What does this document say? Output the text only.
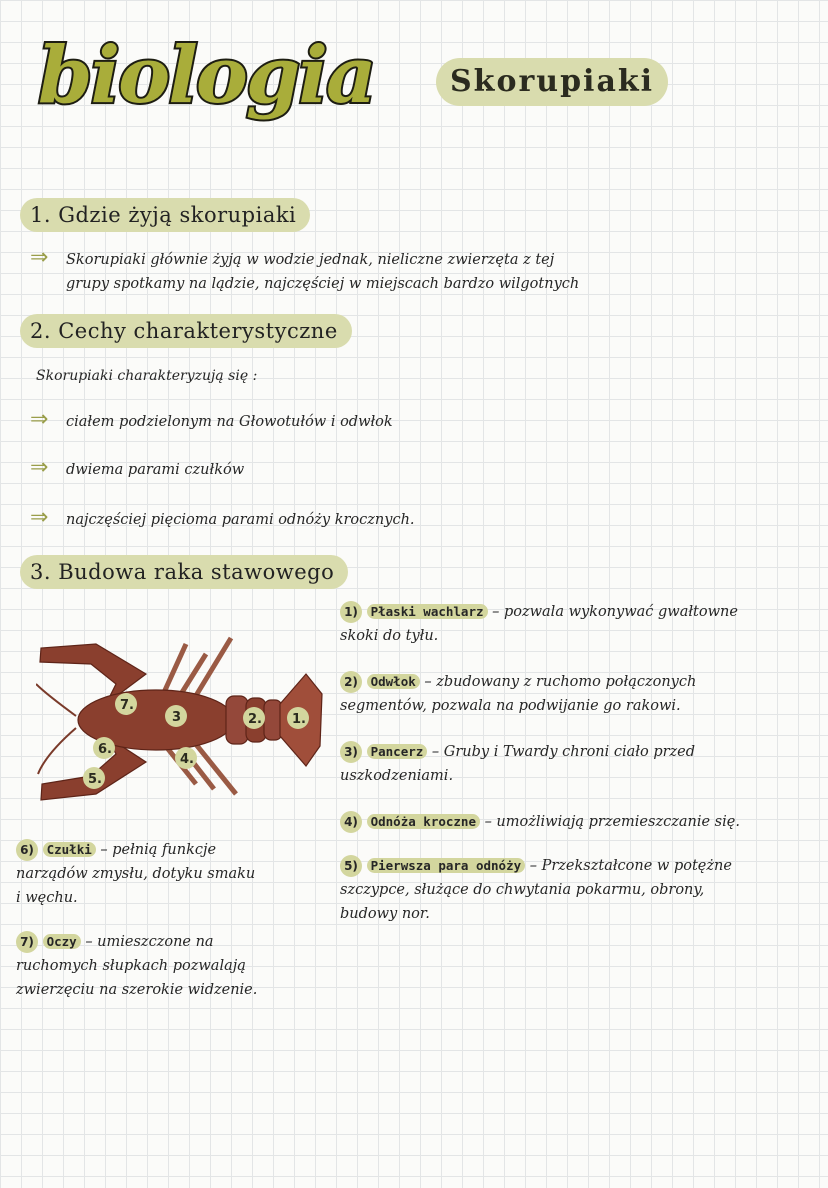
biologia	Skorupiaki
1. Gdzie żyją skorupiaki
⇒ Skorupiaki głównie żyją w wodzie jednak, nieliczne zwierzęta z tej
grupy spotkamy na lądzie, najczęściej w miejscach bardzo wilgotnych
2. Cechy charakterystyczne
Skorupiaki charakteryzują się :
⇒ ciałem podzielonym na Głowotułów i odwłok
⇒ dwiema parami czułków
⇒ najczęściej pięcioma parami odnóży krocznych.
3. Budowa raka stawowego
1.
2.
3
4.
5.
6.
7.
1) Płaski wachlarz – pozwala wykonywać gwałtowne
skoki do tyłu.
2) Odwłok – zbudowany z ruchomo połączonych
segmentów, pozwala na podwijanie go rakowi.
3) Pancerz – Gruby i Twardy chroni ciało przed
uszkodzeniami.
4) Odnóża kroczne – umożliwiają przemieszczanie się.
5) Pierwsza para odnóży – Przekształcone w potężne
szczypce, służące do chwytania pokarmu, obrony,
budowy nor.
6) Czułki – pełnią funkcje
narządów zmysłu, dotyku smaku
i węchu.
7) Oczy – umieszczone na
ruchomych słupkach pozwalają
zwierzęciu na szerokie widzenie.
